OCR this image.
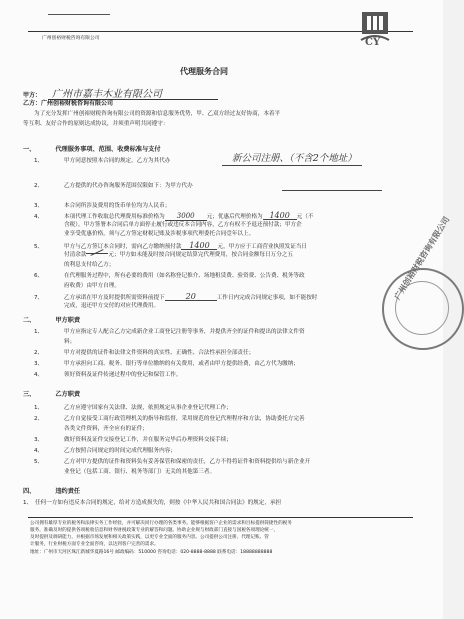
广州创裕财税咨询有限公司	CY
代理服务合同
甲方： 广州市嘉丰木业有限公司
乙方：广州创裕财税咨询有限公司
为了充分发挥广州创裕财税咨询有限公司的资源和信息服务优势，甲、乙双方经过友好协商，本着平
等互利、友好合作的原则达成协议，并须重声明共同遵守：
一、	代理服务事项、范围、收费标准与支付
1、	甲方同意按照本合同的规定，乙方为其代办	新公司注册、（不含2个地址）
2、	乙方提供的代办咨询服务范围仅限如下：为甲方代办
3、	本合同所涉及费用的货币单位均为人民币；
4、	本项代理工作收取总代理费用标准价格为 3000 元；优惠后代理价格为 1400 元（不
含税）。甲方签署本合同后单方面停止履行或违反本合同内容，乙方有权不予退还预付款；甲方企
业享受优惠价格，须与乙方签定财税记账及涉税事项代理委托合同壹年以上。
5、	甲方与乙方签订本合同时，需向乙方缴纳预付款 1400 元，甲方应于工商营业执照发证当日
付清余款	元；甲方如未能及时按合同规定结算完代理费用，按合同金额每日万分之五
的利息支付给乙方；
6、	在代理服务过程中，所有必要的费用（如名称登记推介、场地租赁费、验资费、公告费、税务等政
府收费）由甲方自理。
7、	乙方承诺在甲方及时提供所需资料前提下	20	工作日内完成合同规定事项，如不能按时
完成，退还甲方交付的对应代理费用。
二、	甲方职责
1、	甲方应指定专人配合乙方完成新企业工商登记注册等事务，并提供齐全的证件和提出的法律文件资
料；
2、	甲方对提供的证件和法律文件资料的真实性、正确性、合法性承担全部责任；
3、	甲方承担向工商、税务、银行等单位缴纳的有关费用，或者由甲方提供经费，由乙方代为缴纳；
4、	领好资料及证件传递过程中的登记和保管工作。
三、	乙方职责
1、	乙方应遵守国家有关法律、法规，依照规定从事企业登记代理工作；
2、	乙方自觉接受工商行政管理机关的指导和监督，采用规范的登记代理程序和方法，协助委托方完善
各类文件资料，齐全应有的证件；
3、	做好资料及证件交接登记工作，并在服务完毕后办理资料交接手续；
4、	乙方按照合同规定的时间完成代理服务内容；
5、	乙方对甲方提供的证件和资料负有妥善保管和保密的责任，乙方不得将证件和资料提供给与新企业开
业登记（包括工商、银行、税务等部门）无关的其他第三者。
四、	违约责任
1、 任何一方如有违反本合同的规定，给对方造成损失的，则按《中华人民共和国合同法》的规定，承担
公司拥有雄厚专业的税务和法律实务工作经验，并可解决同行办理的各类事务。能够根据客户企业的需求和目标提供简捷性的税务
服务，准确及时的提供各项税收信息和财务财税政策专业的解答和问题。协助企业规与财政部门直接与国税各项理论统一，
及时提供及调研能力，并根据市场发展和相关政策实践，以更专业全面的服务内容。公司提供公司注册、代理记账、管
计服务，行业财税方面专业全面咨询，以达到客户完善的需求。
地址：广州市天河区珠江新城华夏路16号 邮政编码：510000 咨询电话：020-8888-8888 联系电话：18888888888
广州创裕财税咨询有限公司
